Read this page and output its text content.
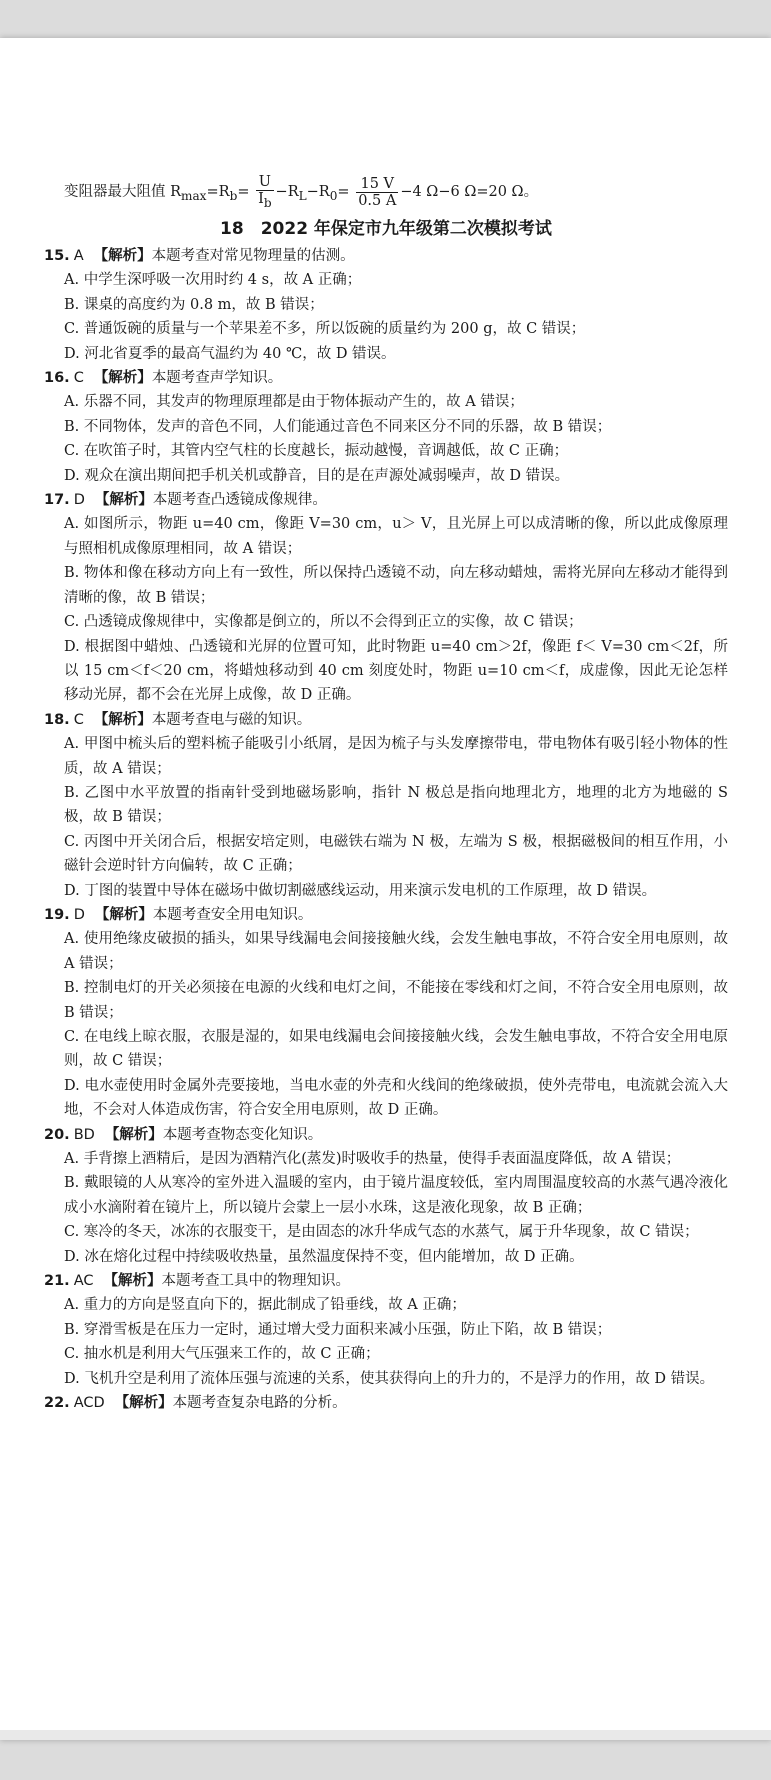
变阻器最大阻值 $R_{max}=R_b= \frac{U}{I_b} -R_L-R_0= \frac{15 V}{0.5 A} -4$ Ω−6 Ω=20 Ω。
18　2022 年保定市九年级第二次模拟考试
15. A 【解析】本题考查对常见物理量的估测。
A. 中学生深呼吸一次用时约 4 s，故 A 正确；
B. 课桌的高度约为 0.8 m，故 B 错误；
C. 普通饭碗的质量与一个苹果差不多，所以饭碗的质量约为 200 g，故 C 错误；
D. 河北省夏季的最高气温约为 40 ℃，故 D 错误。
16. C 【解析】本题考查声学知识。
A. 乐器不同，其发声的物理原理都是由于物体振动产生的，故 A 错误；
B. 不同物体，发声的音色不同，人们能通过音色不同来区分不同的乐器，故 B 错误；
C. 在吹笛子时，其管内空气柱的长度越长，振动越慢，音调越低，故 C 正确；
D. 观众在演出期间把手机关机或静音，目的是在声源处减弱噪声，故 D 错误。
17. D 【解析】本题考查凸透镜成像规律。
A. 如图所示，物距 u=40 cm，像距 V=30 cm，u＞ V，且光屏上可以成清晰的像，所以此成像原理与照相机成像原理相同，故 A 错误；
B. 物体和像在移动方向上有一致性，所以保持凸透镜不动，向左移动蜡烛，需将光屏向左移动才能得到清晰的像，故 B 错误；
C. 凸透镜成像规律中，实像都是倒立的，所以不会得到正立的实像，故 C 错误；
D. 根据图中蜡烛、凸透镜和光屏的位置可知，此时物距 u=40 cm＞2f，像距 f＜ V=30 cm＜2f，所以 15 cm＜f＜20 cm，将蜡烛移动到 40 cm 刻度处时，物距 u=10 cm＜f，成虚像，因此无论怎样移动光屏，都不会在光屏上成像，故 D 正确。
18. C 【解析】本题考查电与磁的知识。
A. 甲图中梳头后的塑料梳子能吸引小纸屑，是因为梳子与头发摩擦带电，带电物体有吸引轻小物体的性质，故 A 错误；
B. 乙图中水平放置的指南针受到地磁场影响，指针 N 极总是指向地理北方，地理的北方为地磁的 S 极，故 B 错误；
C. 丙图中开关闭合后，根据安培定则，电磁铁右端为 N 极，左端为 S 极，根据磁极间的相互作用，小磁针会逆时针方向偏转，故 C 正确；
D. 丁图的装置中导体在磁场中做切割磁感线运动，用来演示发电机的工作原理，故 D 错误。
19. D 【解析】本题考查安全用电知识。
A. 使用绝缘皮破损的插头，如果导线漏电会间接接触火线，会发生触电事故，不符合安全用电原则，故 A 错误；
B. 控制电灯的开关必须接在电源的火线和电灯之间，不能接在零线和灯之间，不符合安全用电原则，故 B 错误；
C. 在电线上晾衣服，衣服是湿的，如果电线漏电会间接接触火线，会发生触电事故，不符合安全用电原则，故 C 错误；
D. 电水壶使用时金属外壳要接地，当电水壶的外壳和火线间的绝缘破损，使外壳带电，电流就会流入大地，不会对人体造成伤害，符合安全用电原则，故 D 正确。
20. BD 【解析】本题考查物态变化知识。
A. 手背擦上酒精后，是因为酒精汽化(蒸发)时吸收手的热量，使得手表面温度降低，故 A 错误；
B. 戴眼镜的人从寒冷的室外进入温暖的室内，由于镜片温度较低，室内周围温度较高的水蒸气遇冷液化成小水滴附着在镜片上，所以镜片会蒙上一层小水珠，这是液化现象，故 B 正确；
C. 寒冷的冬天，冰冻的衣服变干，是由固态的冰升华成气态的水蒸气，属于升华现象，故 C 错误；
D. 冰在熔化过程中持续吸收热量，虽然温度保持不变，但内能增加，故 D 正确。
21. AC 【解析】本题考查工具中的物理知识。
A. 重力的方向是竖直向下的，据此制成了铅垂线，故 A 正确；
B. 穿滑雪板是在压力一定时，通过增大受力面积来减小压强，防止下陷，故 B 错误；
C. 抽水机是利用大气压强来工作的，故 C 正确；
D. 飞机升空是利用了流体压强与流速的关系，使其获得向上的升力的，不是浮力的作用，故 D 错误。
22. ACD 【解析】本题考查复杂电路的分析。
